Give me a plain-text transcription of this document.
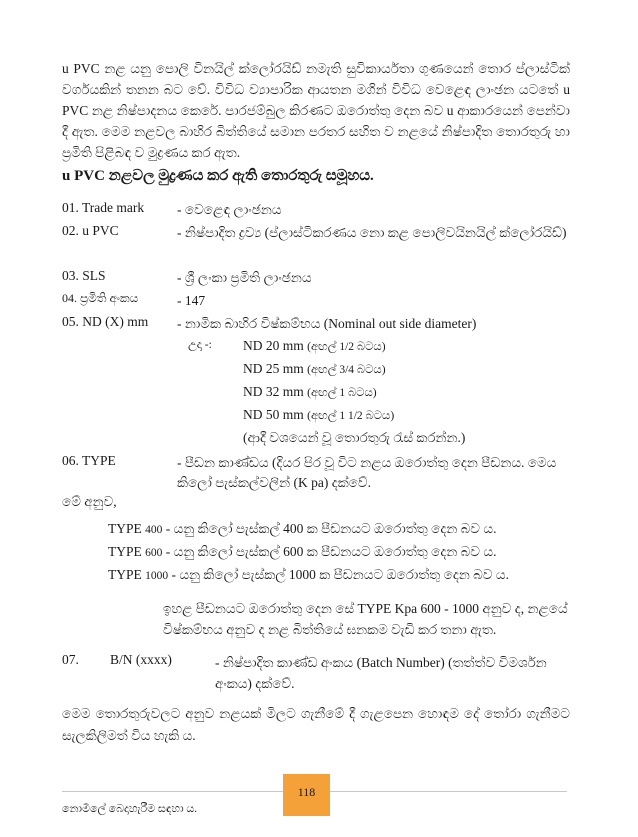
u PVC නළ යනු පොලි විනයිල් ක්ලෝරයිඩ් නමැති සුවිකාර්යතා ගුණයෙන් තොර ප්ලාස්ටික් වර්ගයකින් තනන බට වේ. විවිධ ව්‍යාපාරික ආයතන මගින් විවිධ වෙළෙඳ ලාංඡන යටතේ u PVC නළ නිෂ්පාදනය කෙරේ. පාරජම්බුල කිරණට ඔරොත්තු දෙන බව u ආකාරයෙන් පෙන්වා දී ඇත. මෙම නළවල බාහිර බිත්තියේ සමාන පරතර සහිත ව නළයේ නිෂ්පාදිත තොරතුරු හා ප්‍රමිති පිළිබඳ ව මුද්‍රණය කර ඇත.

u PVC නළවල මුද්‍රණය කර ඇති තොරතුරු සමූහය.
01. Trade mark - වෙළෙඳ ලාංඡනය
02. u PVC	- නිෂ්පාදිත ද්‍රව්‍ය (ප්ලාස්ටිකරණය නො කළ පොලිවයිනයිල් ක්ලෝරයිඩ්)
03. SLS	- ශ්‍රී ලංකා ප්‍රමිති ලාංඡනය
04. ප්‍රමිති අංකය	- 147
05. ND (X) mm - නාමික බාහිර විෂ්කම්භය (Nominal out side diameter)
උදා -: ND 20 mm (අඟල් 1/2 බටය)
ND 25 mm (අඟල් 3/4 බටය)
ND 32 mm (අඟල් 1 බටය)
ND 50 mm (අඟල් 1 1/2 බටය)
(ආදී වශයෙන් වූ තොරතුරු රැස් කරන්න.)
06. TYPE	- පීඩන කාණ්ඩය (දියර පිර වූ විට නළය ඔරොත්තු දෙන පීඩනය. මෙය කිලෝ පැස්කල්වලින් (K pa) දක්වේ.
මේ අනුව,
TYPE 400 - යනු කිලෝ පැස්කල් 400 ක පීඩනයට ඔරොත්තු දෙන බව ය.
TYPE 600 - යනු කිලෝ පැස්කල් 600 ක පීඩනයට ඔරොත්තු දෙන බව ය.
TYPE 1000 - යනු කිලෝ පැස්කල් 1000 ක පීඩනයට ඔරොත්තු දෙන බව ය.

ඉහළ පීඩනයට ඔරොත්තු දෙන සේ TYPE Kpa 600 - 1000 අනුව ද, නළයේ විෂ්කම්භය අනුව ද නළ බිත්තියේ ඝනකම වැඩි කර තනා ඇත.

07. B/N (xxxx)	- නිෂ්පාදිත කාණ්ඩ අංකය (Batch Number) (තත්ත්ව විමර්ශන අංකය) දක්වේ.

මෙම තොරතුරුවලට අනුව නළයක් මිලට ගැනීමේ දී ගැළපෙන හොඳම දේ තෝරා ගැනීමට සැලකිලිමත් විය හැකි ය.

118
නොමිලේ බෙදාහැරීම සඳහා ය.
